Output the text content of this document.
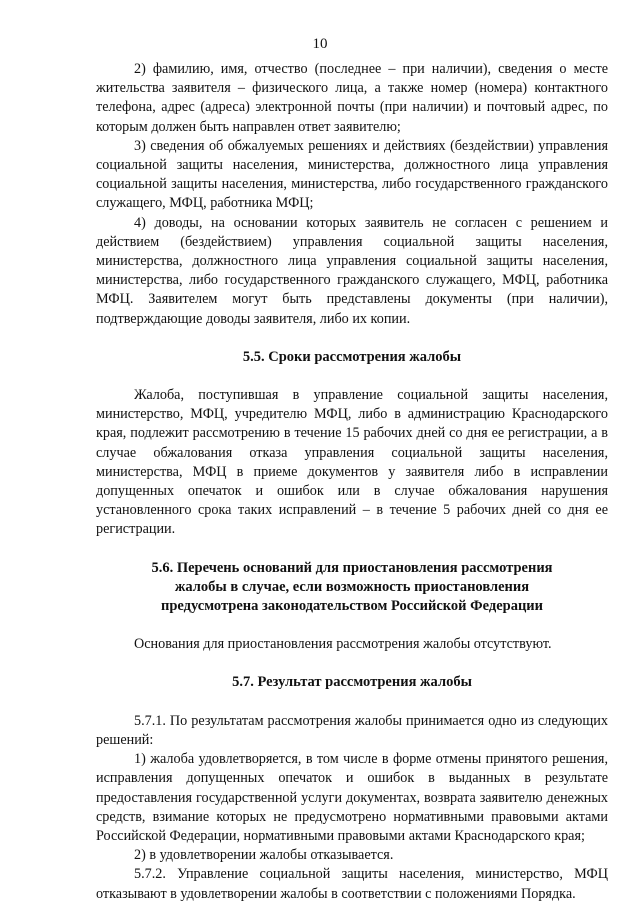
10

2) фамилию, имя, отчество (последнее – при наличии), сведения о месте жительства заявителя – физического лица, а также номер (номера) контактного телефона, адрес (адреса) электронной почты (при наличии) и почтовый адрес, по которым должен быть направлен ответ заявителю;

3) сведения об обжалуемых решениях и действиях (бездействии) управления социальной защиты населения, министерства, должностного лица управления социальной защиты населения, министерства, либо государственного гражданского служащего, МФЦ, работника МФЦ;

4) доводы, на основании которых заявитель не согласен с решением и действием (бездействием) управления социальной защиты населения, министерства, должностного лица управления социальной защиты населения, министерства, либо государственного гражданского служащего, МФЦ, работника МФЦ. Заявителем могут быть представлены документы (при наличии), подтверждающие доводы заявителя, либо их копии.

5.5. Сроки рассмотрения жалобы

Жалоба, поступившая в управление социальной защиты населения, министерство, МФЦ, учредителю МФЦ, либо в администрацию Краснодарского края, подлежит рассмотрению в течение 15 рабочих дней со дня ее регистрации, а в случае обжалования отказа управления социальной защиты населения, министерства, МФЦ в приеме документов у заявителя либо в исправлении допущенных опечаток и ошибок или в случае обжалования нарушения установленного срока таких исправлений – в течение 5 рабочих дней со дня ее регистрации.

5.6. Перечень оснований для приостановления рассмотрения
жалобы в случае, если возможность приостановления
предусмотрена законодательством Российской Федерации

Основания для приостановления рассмотрения жалобы отсутствуют.

5.7. Результат рассмотрения жалобы

5.7.1. По результатам рассмотрения жалобы принимается одно из следующих решений:

1) жалоба удовлетворяется, в том числе в форме отмены принятого решения, исправления допущенных опечаток и ошибок в выданных в результате предоставления государственной услуги документах, возврата заявителю денежных средств, взимание которых не предусмотрено нормативными правовыми актами Российской Федерации, нормативными правовыми актами Краснодарского края;

2) в удовлетворении жалобы отказывается.

5.7.2. Управление социальной защиты населения, министерство, МФЦ отказывают в удовлетворении жалобы в соответствии с положениями Порядка.
